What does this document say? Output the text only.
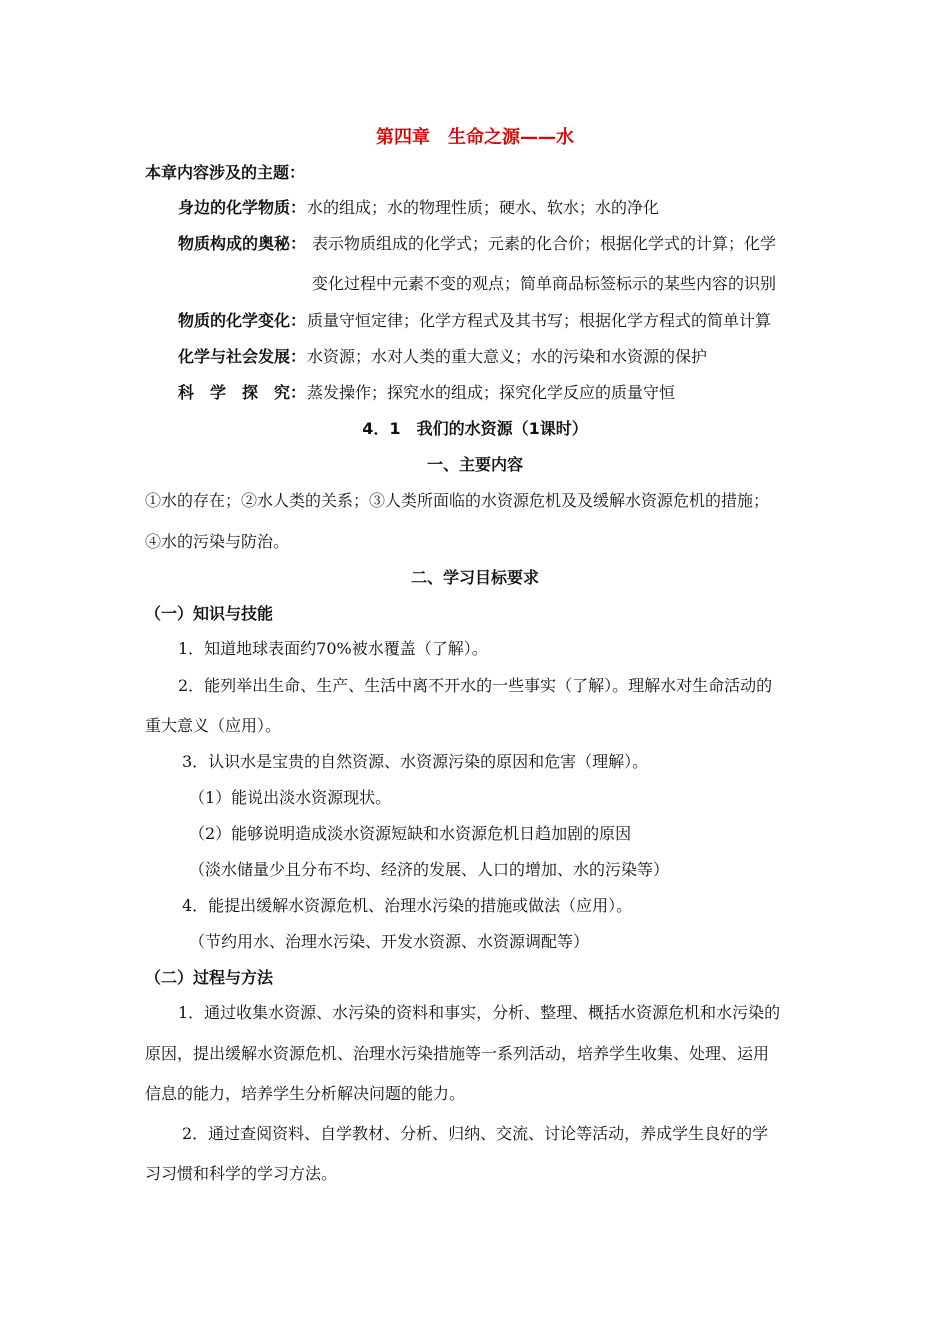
第四章　生命之源——水
本章内容涉及的主题：
身边的化学物质： 水的组成；水的物理性质；硬水、软水；水的净化
物质构成的奥秘： 表示物质组成的化学式；元素的化合价；根据化学式的计算；化学
变化过程中元素不变的观点；简单商品标签标示的某些内容的识别
物质的化学变化： 质量守恒定律；化学方程式及其书写；根据化学方程式的简单计算
化学与社会发展： 水资源；水对人类的重大意义；水的污染和水资源的保护
科　学　探　究： 蒸发操作；探究水的组成；探究化学反应的质量守恒
4．1　我们的水资源（1课时）
一、主要内容
①水的存在；②水人类的关系；③人类所面临的水资源危机及及缓解水资源危机的措施；
④水的污染与防治。
二、学习目标要求
（一）知识与技能
1．知道地球表面约70%被水覆盖（了解）。
2．能列举出生命、生产、生活中离不开水的一些事实（了解）。理解水对生命活动的
重大意义（应用）。
3．认识水是宝贵的自然资源、水资源污染的原因和危害（理解）。
（1）能说出淡水资源现状。
（2）能够说明造成淡水资源短缺和水资源危机日趋加剧的原因
（淡水储量少且分布不均、经济的发展、人口的增加、水的污染等）
4．能提出缓解水资源危机、治理水污染的措施或做法（应用）。
（节约用水、治理水污染、开发水资源、水资源调配等）
（二）过程与方法
1．通过收集水资源、水污染的资料和事实，分析、整理、概括水资源危机和水污染的
原因，提出缓解水资源危机、治理水污染措施等一系列活动，培养学生收集、处理、运用
信息的能力，培养学生分析解决问题的能力。
2．通过查阅资料、自学教材、分析、归纳、交流、讨论等活动，养成学生良好的学
习习惯和科学的学习方法。
